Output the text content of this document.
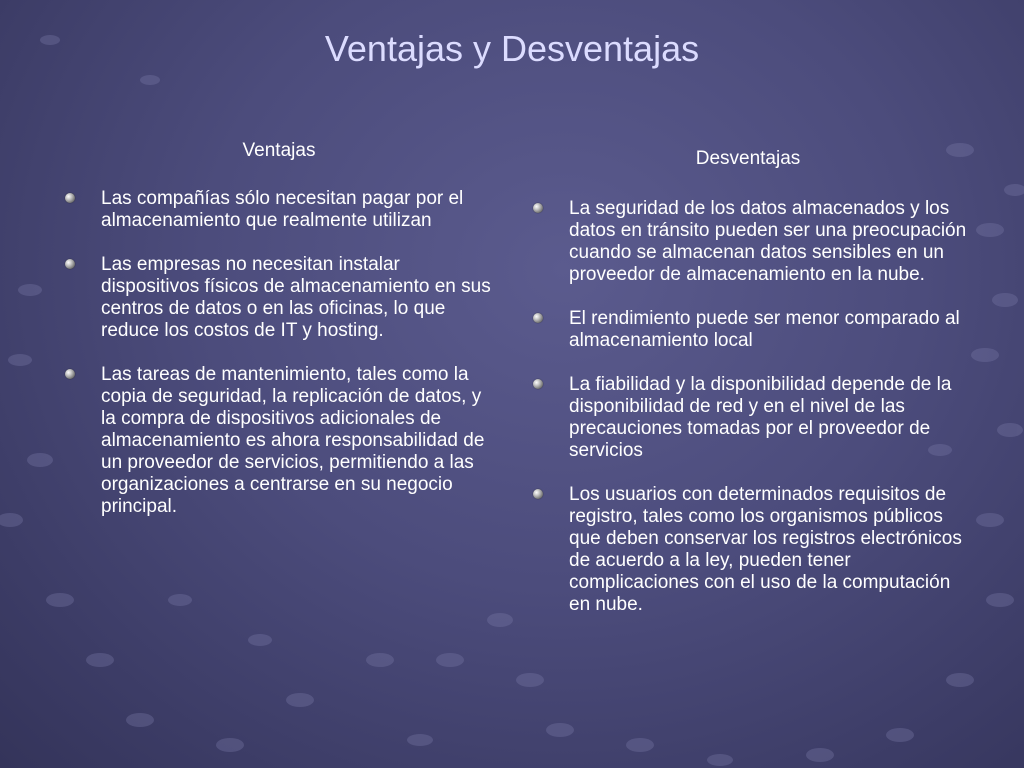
Ventajas y Desventajas
Ventajas
Las compañías sólo necesitan pagar por el almacenamiento que realmente utilizan
Las empresas no necesitan instalar dispositivos físicos de almacenamiento en sus centros de datos o en las oficinas, lo que reduce los costos de IT y hosting.
Las tareas de mantenimiento, tales como la copia de seguridad, la replicación de datos, y la compra de dispositivos adicionales de almacenamiento es ahora responsabilidad de un proveedor de servicios, permitiendo a las organizaciones a centrarse en su negocio principal.
Desventajas
La seguridad de los datos almacenados y los datos en tránsito pueden ser una preocupación cuando se almacenan datos sensibles en un proveedor de almacenamiento en la nube.
El rendimiento puede ser menor comparado al almacenamiento local
La fiabilidad y la disponibilidad depende de la disponibilidad de red y en el nivel de las precauciones tomadas por el proveedor de servicios
Los usuarios con determinados requisitos de registro, tales como los organismos públicos que deben conservar los registros electrónicos de acuerdo a la ley, pueden tener complicaciones con el uso de la computación en nube.
